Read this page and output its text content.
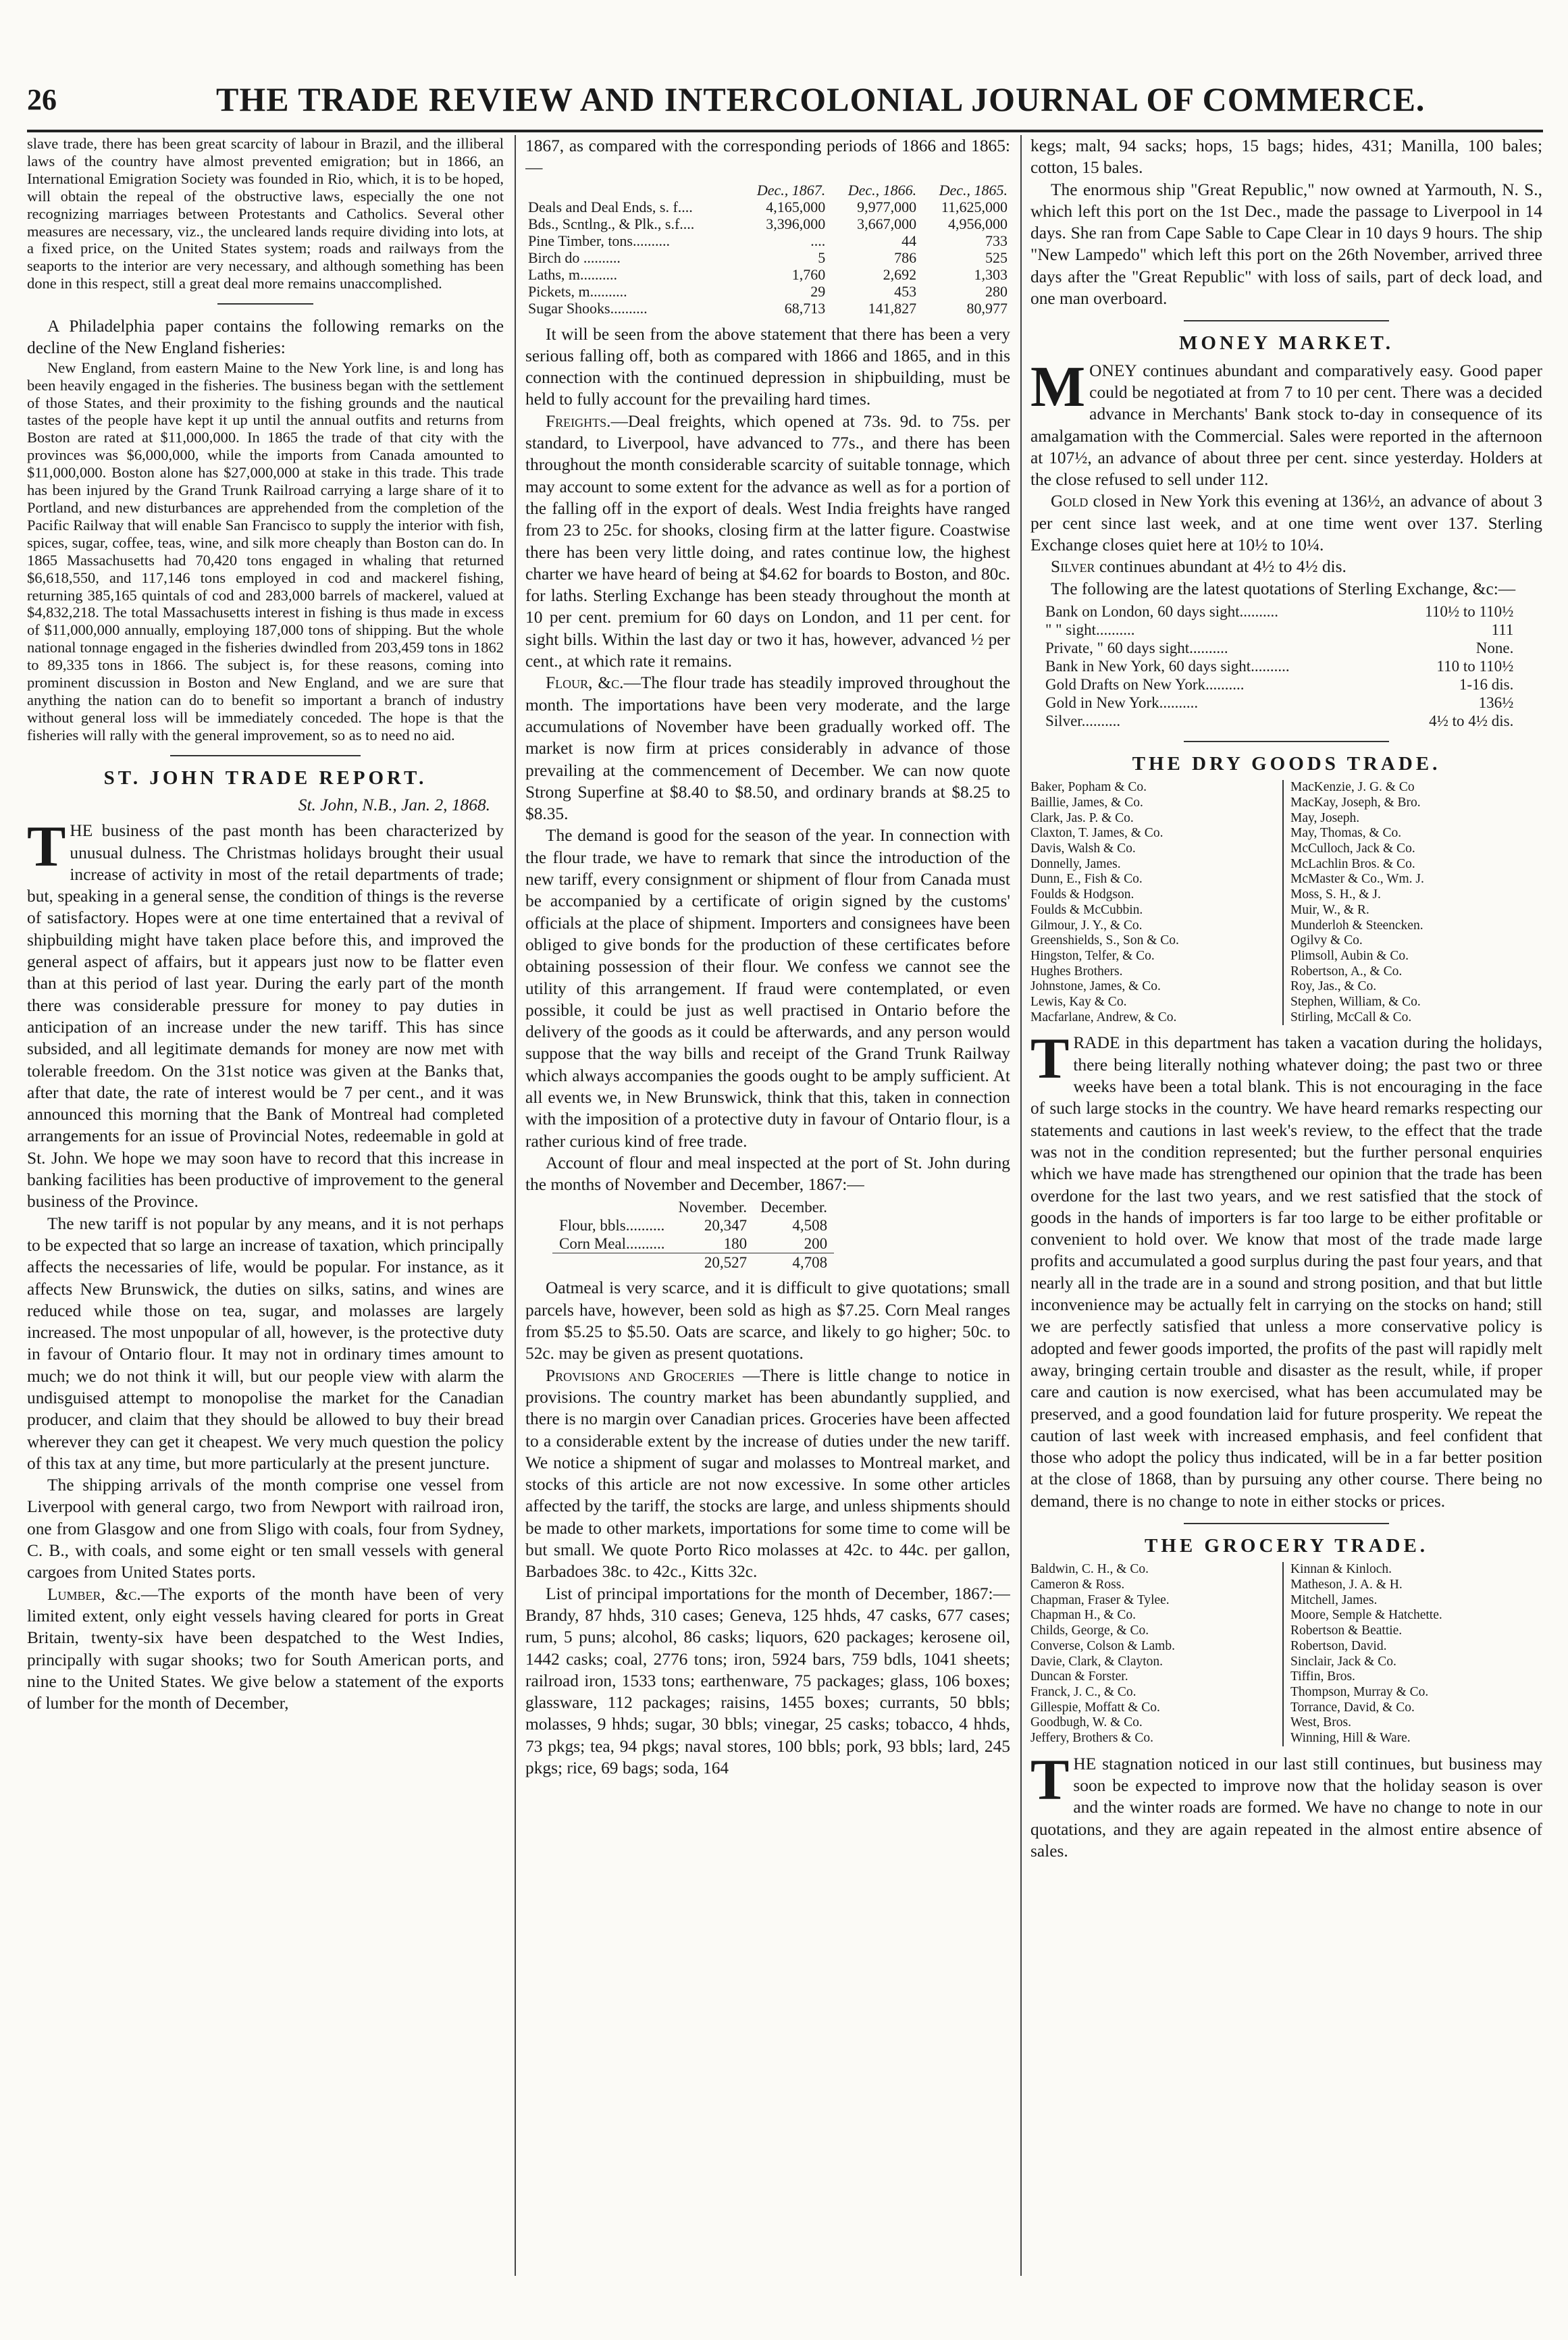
26	THE TRADE REVIEW AND INTERCOLONIAL JOURNAL OF COMMERCE.

slave trade, there has been great scarcity of labour in Brazil, and the illiberal laws of the country have almost prevented emigration; but in 1866, an International Emigration Society was founded in Rio, which, it is to be hoped, will obtain the repeal of the obstructive laws, especially the one not recognizing marriages between Protestants and Catholics. Several other measures are necessary, viz., the uncleared lands require dividing into lots, at a fixed price, on the United States system; roads and railways from the seaports to the interior are very necessary, and although something has been done in this respect, still a great deal more remains unaccomplished.

A Philadelphia paper contains the following remarks on the decline of the New England fisheries:

New England, from eastern Maine to the New York line, is and long has been heavily engaged in the fisheries. The business began with the settlement of those States, and their proximity to the fishing grounds and the nautical tastes of the people have kept it up until the annual outfits and returns from Boston are rated at $11,000,000. In 1865 the trade of that city with the provinces was $6,000,000, while the imports from Canada amounted to $11,000,000. Boston alone has $27,000,000 at stake in this trade. This trade has been injured by the Grand Trunk Railroad carrying a large share of it to Portland, and new disturbances are apprehended from the completion of the Pacific Railway that will enable San Francisco to supply the interior with fish, spices, sugar, coffee, teas, wine, and silk more cheaply than Boston can do. In 1865 Massachusetts had 70,420 tons engaged in whaling that returned $6,618,550, and 117,146 tons employed in cod and mackerel fishing, returning 385,165 quintals of cod and 283,000 barrels of mackerel, valued at $4,832,218. The total Massachusetts interest in fishing is thus made in excess of $11,000,000 annually, employing 187,000 tons of shipping. But the whole national tonnage engaged in the fisheries dwindled from 203,459 tons in 1862 to 89,335 tons in 1866. The subject is, for these reasons, coming into prominent discussion in Boston and New England, and we are sure that anything the nation can do to benefit so important a branch of industry without general loss will be immediately conceded. The hope is that the fisheries will rally with the general improvement, so as to need no aid.

ST. JOHN TRADE REPORT.
St. John, N.B., Jan. 2, 1868.

THE business of the past month has been characterized by unusual dulness. The Christmas holidays brought their usual increase of activity in most of the retail departments of trade; but, speaking in a general sense, the condition of things is the reverse of satisfactory. Hopes were at one time entertained that a revival of shipbuilding might have taken place before this, and improved the general aspect of affairs, but it appears just now to be flatter even than at this period of last year. During the early part of the month there was considerable pressure for money to pay duties in anticipation of an increase under the new tariff. This has since subsided, and all legitimate demands for money are now met with tolerable freedom. On the 31st notice was given at the Banks that, after that date, the rate of interest would be 7 per cent., and it was announced this morning that the Bank of Montreal had completed arrangements for an issue of Provincial Notes, redeemable in gold at St. John. We hope we may soon have to record that this increase in banking facilities has been productive of improvement to the general business of the Province.

The new tariff is not popular by any means, and it is not perhaps to be expected that so large an increase of taxation, which principally affects the necessaries of life, would be popular. For instance, as it affects New Brunswick, the duties on silks, satins, and wines are reduced while those on tea, sugar, and molasses are largely increased. The most unpopular of all, however, is the protective duty in favour of Ontario flour. It may not in ordinary times amount to much; we do not think it will, but our people view with alarm the undisguised attempt to monopolise the market for the Canadian producer, and claim that they should be allowed to buy their bread wherever they can get it cheapest. We very much question the policy of this tax at any time, but more particularly at the present juncture.

The shipping arrivals of the month comprise one vessel from Liverpool with general cargo, two from Newport with railroad iron, one from Glasgow and one from Sligo with coals, four from Sydney, C. B., with coals, and some eight or ten small vessels with general cargoes from United States ports.

Lumber, &c.—The exports of the month have been of very limited extent, only eight vessels having cleared for ports in Great Britain, twenty-six have been despatched to the West Indies, principally with sugar shooks; two for South American ports, and nine to the United States. We give below a statement of the exports of lumber for the month of December,

1867, as compared with the corresponding periods of 1866 and 1865:—

	Dec., 1867.	Dec., 1866.	Dec., 1865.
Deals and Deal Ends, s. f....	4,165,000	9,977,000	11,625,000
Bds., Scntlng., & Plk., s.f....	3,396,000	3,667,000	4,956,000
Pine Timber, tons..........	....	44	733
Birch do ..........	5	786	525
Laths, m..........	1,760	2,692	1,303
Pickets, m..........	29	453	280
Sugar Shooks..........	68,713	141,827	80,977

It will be seen from the above statement that there has been a very serious falling off, both as compared with 1866 and 1865, and in this connection with the continued depression in shipbuilding, must be held to fully account for the prevailing hard times.

Freights.—Deal freights, which opened at 73s. 9d. to 75s. per standard, to Liverpool, have advanced to 77s., and there has been throughout the month considerable scarcity of suitable tonnage, which may account to some extent for the advance as well as for a portion of the falling off in the export of deals. West India freights have ranged from 23 to 25c. for shooks, closing firm at the latter figure. Coastwise there has been very little doing, and rates continue low, the highest charter we have heard of being at $4.62 for boards to Boston, and 80c. for laths. Sterling Exchange has been steady throughout the month at 10 per cent. premium for 60 days on London, and 11 per cent. for sight bills. Within the last day or two it has, however, advanced ½ per cent., at which rate it remains.

Flour, &c.—The flour trade has steadily improved throughout the month. The importations have been very moderate, and the large accumulations of November have been gradually worked off. The market is now firm at prices considerably in advance of those prevailing at the commencement of December. We can now quote Strong Superfine at $8.40 to $8.50, and ordinary brands at $8.25 to $8.35.

The demand is good for the season of the year. In connection with the flour trade, we have to remark that since the introduction of the new tariff, every consignment or shipment of flour from Canada must be accompanied by a certificate of origin signed by the customs' officials at the place of shipment. Importers and consignees have been obliged to give bonds for the production of these certificates before obtaining possession of their flour. We confess we cannot see the utility of this arrangement. If fraud were contemplated, or even possible, it could be just as well practised in Ontario before the delivery of the goods as it could be afterwards, and any person would suppose that the way bills and receipt of the Grand Trunk Railway which always accompanies the goods ought to be amply sufficient. At all events we, in New Brunswick, think that this, taken in connection with the imposition of a protective duty in favour of Ontario flour, is a rather curious kind of free trade.

Account of flour and meal inspected at the port of St. John during the months of November and December, 1867:—

	November.	December.
Flour, bbls..........	20,347	4,508
Corn Meal..........	180	200
	20,527	4,708

Oatmeal is very scarce, and it is difficult to give quotations; small parcels have, however, been sold as high as $7.25. Corn Meal ranges from $5.25 to $5.50. Oats are scarce, and likely to go higher; 50c. to 52c. may be given as present quotations.

Provisions and Groceries —There is little change to notice in provisions. The country market has been abundantly supplied, and there is no margin over Canadian prices. Groceries have been affected to a considerable extent by the increase of duties under the new tariff. We notice a shipment of sugar and molasses to Montreal market, and stocks of this article are not now excessive. In some other articles affected by the tariff, the stocks are large, and unless shipments should be made to other markets, importations for some time to come will be but small. We quote Porto Rico molasses at 42c. to 44c. per gallon, Barbadoes 38c. to 42c., Kitts 32c.

List of principal importations for the month of December, 1867:—Brandy, 87 hhds, 310 cases; Geneva, 125 hhds, 47 casks, 677 cases; rum, 5 puns; alcohol, 86 casks; liquors, 620 packages; kerosene oil, 1442 casks; coal, 2776 tons; iron, 5924 bars, 759 bdls, 1041 sheets; railroad iron, 1533 tons; earthenware, 75 packages; glass, 106 boxes; glassware, 112 packages; raisins, 1455 boxes; currants, 50 bbls; molasses, 9 hhds; sugar, 30 bbls; vinegar, 25 casks; tobacco, 4 hhds, 73 pkgs; tea, 94 pkgs; naval stores, 100 bbls; pork, 93 bbls; lard, 245 pkgs; rice, 69 bags; soda, 164

kegs; malt, 94 sacks; hops, 15 bags; hides, 431; Manilla, 100 bales; cotton, 15 bales.

The enormous ship "Great Republic," now owned at Yarmouth, N. S., which left this port on the 1st Dec., made the passage to Liverpool in 14 days. She ran from Cape Sable to Cape Clear in 10 days 9 hours. The ship "New Lampedo" which left this port on the 26th November, arrived three days after the "Great Republic" with loss of sails, part of deck load, and one man overboard.

MONEY MARKET.

MONEY continues abundant and comparatively easy. Good paper could be negotiated at from 7 to 10 per cent. There was a decided advance in Merchants' Bank stock to-day in consequence of its amalgamation with the Commercial. Sales were reported in the afternoon at 107½, an advance of about three per cent. since yesterday. Holders at the close refused to sell under 112.

Gold closed in New York this evening at 136½, an advance of about 3 per cent since last week, and at one time went over 137. Sterling Exchange closes quiet here at 10½ to 10¼.

Silver continues abundant at 4½ to 4½ dis.

The following are the latest quotations of Sterling Exchange, &c:—

Bank on London, 60 days sight..........	110½ to 110½
" " sight..........	111
Private, " 60 days sight..........	None.
Bank in New York, 60 days sight..........	110 to 110½
Gold Drafts on New York..........	1-16 dis.
Gold in New York..........	136½
Silver..........	4½ to 4½ dis.
THE DRY GOODS TRADE.
Baker, Popham & Co.
Baillie, James, & Co.
Clark, Jas. P. & Co.
Claxton, T. James, & Co.
Davis, Walsh & Co.
Donnelly, James.
Dunn, E., Fish & Co.
Foulds & Hodgson.
Foulds & McCubbin.
Gilmour, J. Y., & Co.
Greenshields, S., Son & Co.
Hingston, Telfer, & Co.
Hughes Brothers.
Johnstone, James, & Co.
Lewis, Kay & Co.
Macfarlane, Andrew, & Co.
MacKenzie, J. G. & Co
MacKay, Joseph, & Bro.
May, Joseph.
May, Thomas, & Co.
McCulloch, Jack & Co.
McLachlin Bros. & Co.
McMaster & Co., Wm. J.
Moss, S. H., & J.
Muir, W., & R.
Munderloh & Steencken.
Ogilvy & Co.
Plimsoll, Aubin & Co.
Robertson, A., & Co.
Roy, Jas., & Co.
Stephen, William, & Co.
Stirling, McCall & Co.

TRADE in this department has taken a vacation during the holidays, there being literally nothing whatever doing; the past two or three weeks have been a total blank. This is not encouraging in the face of such large stocks in the country. We have heard remarks respecting our statements and cautions in last week's review, to the effect that the trade was not in the condition represented; but the further personal enquiries which we have made has strengthened our opinion that the trade has been overdone for the last two years, and we rest satisfied that the stock of goods in the hands of importers is far too large to be either profitable or convenient to hold over. We know that most of the trade made large profits and accumulated a good surplus during the past four years, and that nearly all in the trade are in a sound and strong position, and that but little inconvenience may be actually felt in carrying on the stocks on hand; still we are perfectly satisfied that unless a more conservative policy is adopted and fewer goods imported, the profits of the past will rapidly melt away, bringing certain trouble and disaster as the result, while, if proper care and caution is now exercised, what has been accumulated may be preserved, and a good foundation laid for future prosperity. We repeat the caution of last week with increased emphasis, and feel confident that those who adopt the policy thus indicated, will be in a far better position at the close of 1868, than by pursuing any other course. There being no demand, there is no change to note in either stocks or prices.

THE GROCERY TRADE.
Baldwin, C. H., & Co.
Cameron & Ross.
Chapman, Fraser & Tylee.
Chapman H., & Co.
Childs, George, & Co.
Converse, Colson & Lamb.
Davie, Clark, & Clayton.
Duncan & Forster.
Franck, J. C., & Co.
Gillespie, Moffatt & Co.
Goodbugh, W. & Co.
Jeffery, Brothers & Co.
Kinnan & Kinloch.
Matheson, J. A. & H.
Mitchell, James.
Moore, Semple & Hatchette.
Robertson & Beattie.
Robertson, David.
Sinclair, Jack & Co.
Tiffin, Bros.
Thompson, Murray & Co.
Torrance, David, & Co.
West, Bros.
Winning, Hill & Ware.

THE stagnation noticed in our last still continues, but business may soon be expected to improve now that the holiday season is over and the winter roads are formed. We have no change to note in our quotations, and they are again repeated in the almost entire absence of sales.
